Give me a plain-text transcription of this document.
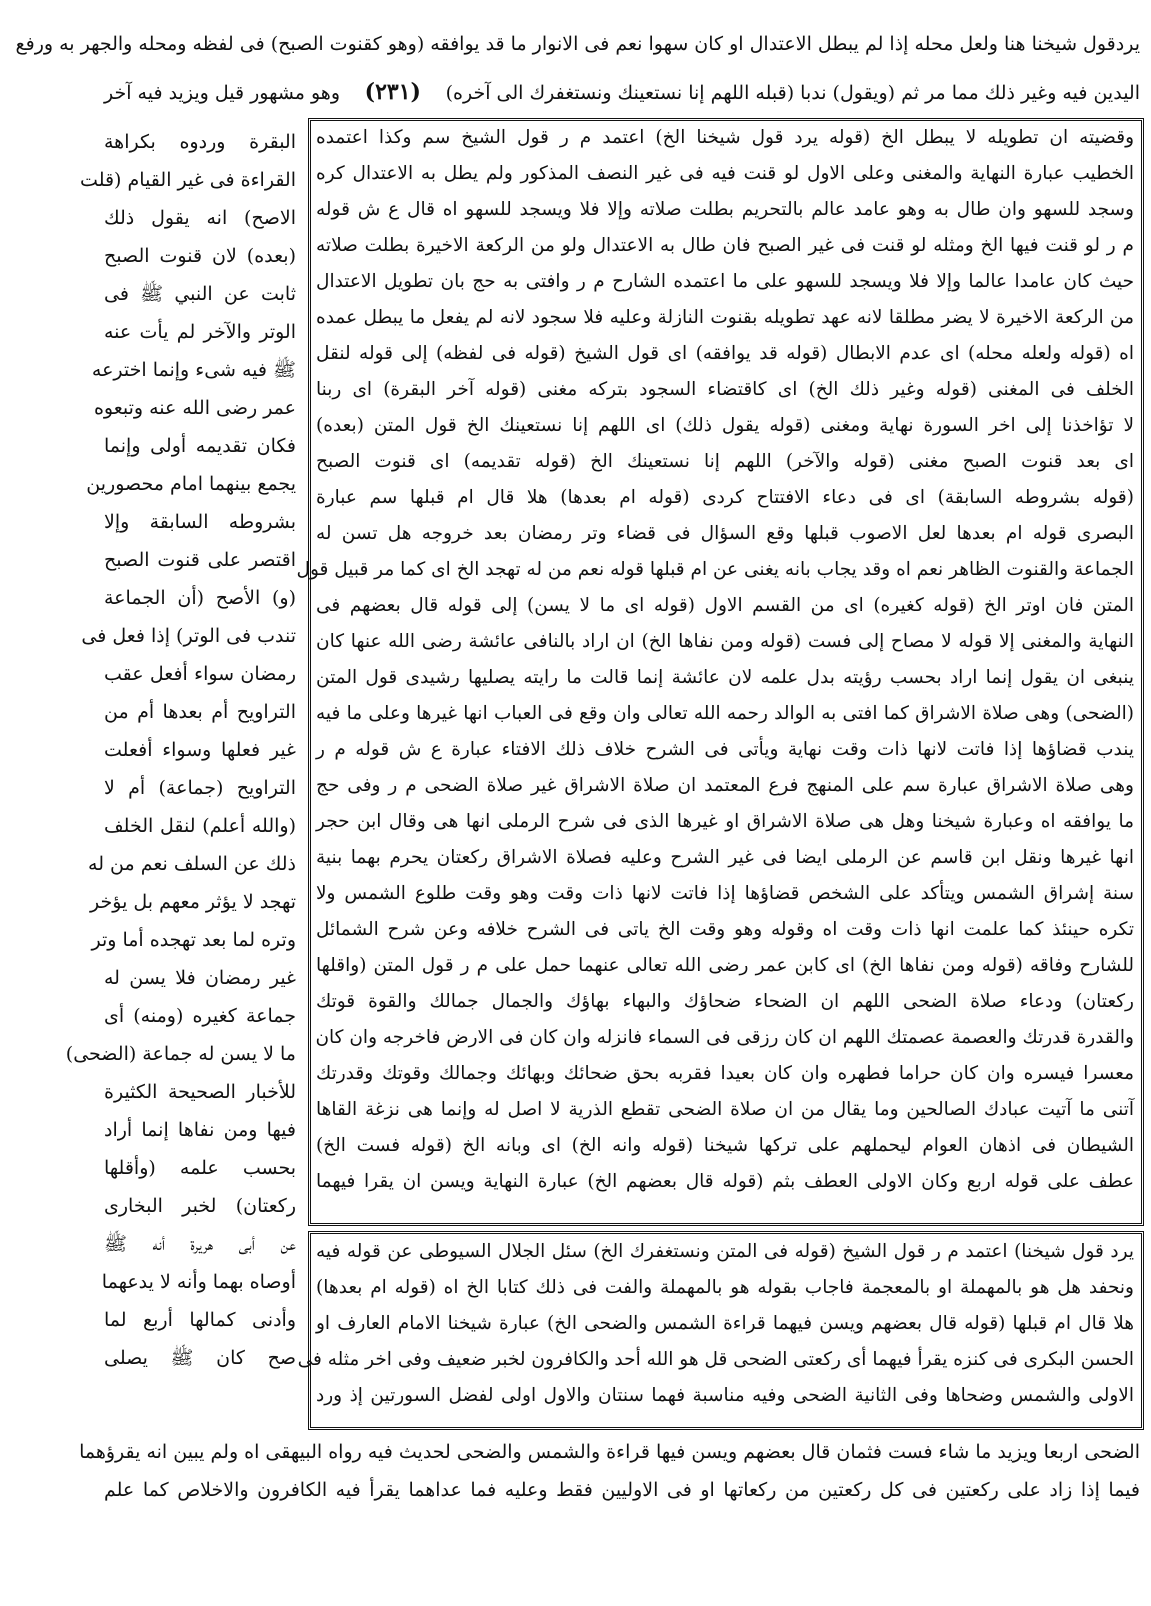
يردقول شيخنا هنا ولعل محله إذا لم يبطل الاعتدال او كان سهوا نعم فى الانوار ما قد يوافقه (وهو كقنوت الصبح) فى لفظه ومحله والجهر به ورفع
اليدين فيه وغير ذلك مما مر ثم (ويقول) ندبا (قبله اللهم إنا نستعينك ونستغفرك الى آخره)
(٢٣١)
وهو مشهور قيل ويزيد فيه آخر
البقرة وردوه بكراهة
القراءة فى غير القيام (قلت
الاصح) انه يقول ذلك
(بعده) لان قنوت الصبح
ثابت عن النبي ﷺ فى
الوتر والآخر لم يأت عنه
ﷺ فيه شىء وإنما اخترعه
عمر رضى الله عنه وتبعوه
فكان تقديمه أولى وإنما
يجمع بينهما امام محصورين
بشروطه السابقة وإلا
اقتصر على قنوت الصبح
(و) الأصح (أن الجماعة
تندب فى الوتر) إذا فعل فى
رمضان سواء أفعل عقب
التراويح أم بعدها أم من
غير فعلها وسواء أفعلت
التراويح (جماعة) أم لا
(والله أعلم) لنقل الخلف
ذلك عن السلف نعم من له
تهجد لا يؤثر معهم بل يؤخر
وتره لما بعد تهجده أما وتر
غير رمضان فلا يسن له
جماعة كغيره (ومنه) أى
ما لا يسن له جماعة (الضحى)
للأخبار الصحيحة الكثيرة
فيها ومن نفاها إنما أراد
بحسب علمه (وأقلها
ركعتان) لخبر البخارى
عن أبى هريرة أنه ﷺ
أوصاه بهما وأنه لا يدعهما
وأدنى كمالها أربع لما
صح كان ﷺ يصلى
وقضيته ان تطويله لا يبطل الخ (قوله يرد قول شيخنا الخ) اعتمد م ر قول الشيخ سم وكذا اعتمده
الخطيب عبارة النهاية والمغنى وعلى الاول لو قنت فيه فى غير النصف المذكور ولم يطل به الاعتدال كره
وسجد للسهو وان طال به وهو عامد عالم بالتحريم بطلت صلاته وإلا فلا ويسجد للسهو اه قال ع ش قوله
م ر لو قنت فيها الخ ومثله لو قنت فى غير الصبح فان طال به الاعتدال ولو من الركعة الاخيرة بطلت صلاته
حيث كان عامدا عالما وإلا فلا ويسجد للسهو على ما اعتمده الشارح م ر وافتى به حج بان تطويل الاعتدال
من الركعة الاخيرة لا يضر مطلقا لانه عهد تطويله بقنوت النازلة وعليه فلا سجود لانه لم يفعل ما يبطل عمده
اه (قوله ولعله محله) اى عدم الابطال (قوله قد يوافقه) اى قول الشيخ (قوله فى لفظه) إلى قوله لنقل
الخلف فى المغنى (قوله وغير ذلك الخ) اى كاقتضاء السجود بتركه مغنى (قوله آخر البقرة) اى ربنا
لا تؤاخذنا إلى اخر السورة نهاية ومغنى (قوله يقول ذلك) اى اللهم إنا نستعينك الخ قول المتن (بعده)
اى بعد قنوت الصبح مغنى (قوله والآخر) اللهم إنا نستعينك الخ (قوله تقديمه) اى قنوت الصبح
(قوله بشروطه السابقة) اى فى دعاء الافتتاح كردى (قوله ام بعدها) هلا قال ام قبلها سم عبارة
البصرى قوله ام بعدها لعل الاصوب قبلها وقع السؤال فى قضاء وتر رمضان بعد خروجه هل تسن له
الجماعة والقنوت الظاهر نعم اه وقد يجاب بانه يغنى عن ام قبلها قوله نعم من له تهجد الخ اى كما مر قبيل قول
المتن فان اوتر الخ (قوله كغيره) اى من القسم الاول (قوله اى ما لا يسن) إلى قوله قال بعضهم فى
النهاية والمغنى إلا قوله لا مصاح إلى فست (قوله ومن نفاها الخ) ان اراد بالنافى عائشة رضى الله عنها كان
ينبغى ان يقول إنما اراد بحسب رؤيته بدل علمه لان عائشة إنما قالت ما رايته يصليها رشيدى قول المتن
(الضحى) وهى صلاة الاشراق كما افتى به الوالد رحمه الله تعالى وان وقع فى العباب انها غيرها وعلى ما فيه
يندب قضاؤها إذا فاتت لانها ذات وقت نهاية ويأتى فى الشرح خلاف ذلك الافتاء عبارة ع ش قوله م ر
وهى صلاة الاشراق عبارة سم على المنهج فرع المعتمد ان صلاة الاشراق غير صلاة الضحى م ر وفى حج
ما يوافقه اه وعبارة شيخنا وهل هى صلاة الاشراق او غيرها الذى فى شرح الرملى انها هى وقال ابن حجر
انها غيرها ونقل ابن قاسم عن الرملى ايضا فى غير الشرح وعليه فصلاة الاشراق ركعتان يحرم بهما بنية
سنة إشراق الشمس ويتأكد على الشخص قضاؤها إذا فاتت لانها ذات وقت وهو وقت طلوع الشمس ولا
تكره حينئذ كما علمت انها ذات وقت اه وقوله وهو وقت الخ ياتى فى الشرح خلافه وعن شرح الشمائل
للشارح وفاقه (قوله ومن نفاها الخ) اى كابن عمر رضى الله تعالى عنهما حمل على م ر قول المتن (واقلها
ركعتان) ودعاء صلاة الضحى اللهم ان الضحاء ضحاؤك والبهاء بهاؤك والجمال جمالك والقوة قوتك
والقدرة قدرتك والعصمة عصمتك اللهم ان كان رزقى فى السماء فانزله وان كان فى الارض فاخرجه وان كان
معسرا فيسره وان كان حراما فطهره وان كان بعيدا فقربه بحق ضحائك وبهائك وجمالك وقوتك وقدرتك
آتنى ما آتيت عبادك الصالحين وما يقال من ان صلاة الضحى تقطع الذرية لا اصل له وإنما هى نزغة القاها
الشيطان فى اذهان العوام ليحملهم على تركها شيخنا (قوله وانه الخ) اى وبانه الخ (قوله فست الخ)
عطف على قوله اربع وكان الاولى العطف بثم (قوله قال بعضهم الخ) عبارة النهاية ويسن ان يقرا فيهما
يرد قول شيخنا) اعتمد م ر قول الشيخ (قوله فى المتن ونستغفرك الخ) سئل الجلال السيوطى عن قوله فيه
ونحفد هل هو بالمهملة او بالمعجمة فاجاب بقوله هو بالمهملة والفت فى ذلك كتابا الخ اه (قوله ام بعدها)
هلا قال ام قبلها (قوله قال بعضهم ويسن فيهما قراءة الشمس والضحى الخ) عبارة شيخنا الامام العارف او
الحسن البكرى فى كنزه يقرأ فيهما أى ركعتى الضحى قل هو الله أحد والكافرون لخبر ضعيف وفى اخر مثله فى
الاولى والشمس وضحاها وفى الثانية الضحى وفيه مناسبة فهما سنتان والاول اولى لفضل السورتين إذ ورد
الضحى اربعا ويزيد ما شاء فست فثمان قال بعضهم ويسن فيها قراءة والشمس والضحى لحديث فيه رواه البيهقى اه ولم يبين انه يقرؤهما
فيما إذا زاد على ركعتين فى كل ركعتين من ركعاتها او فى الاوليين فقط وعليه فما عداهما يقرأ فيه الكافرون والاخلاص كما علم
